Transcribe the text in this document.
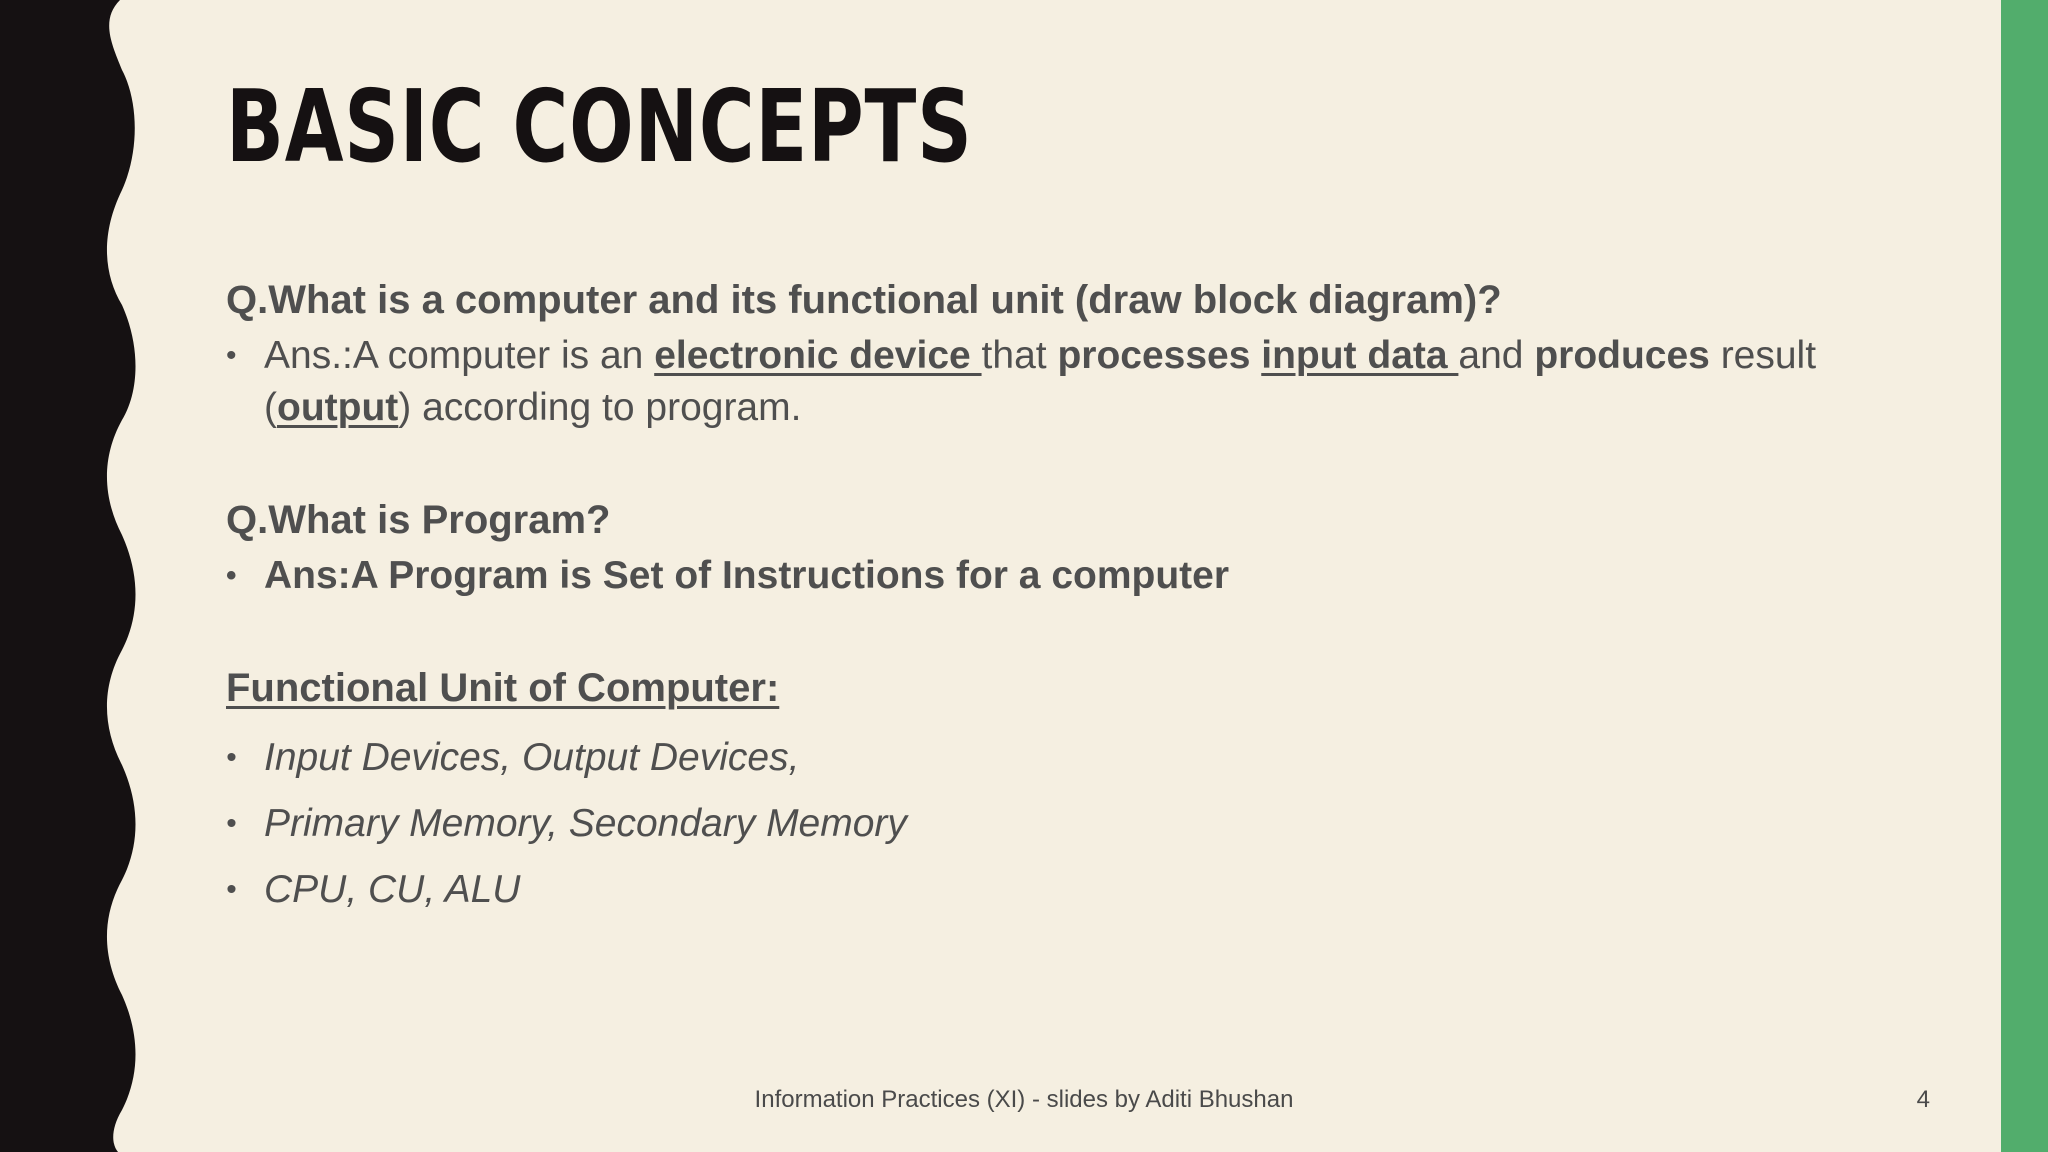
BASIC CONCEPTS

Q.What is a computer and its functional unit (draw block diagram)?

• Ans.:A computer is an electronic device that processes input data and produces result (output) according to program.

Q.What is Program?

• Ans:A Program is Set of Instructions for a computer

Functional Unit of Computer:

• Input Devices, Output Devices,
• Primary Memory, Secondary Memory
• CPU, CU, ALU
Information Practices (XI) - slides by Aditi Bhushan	4
